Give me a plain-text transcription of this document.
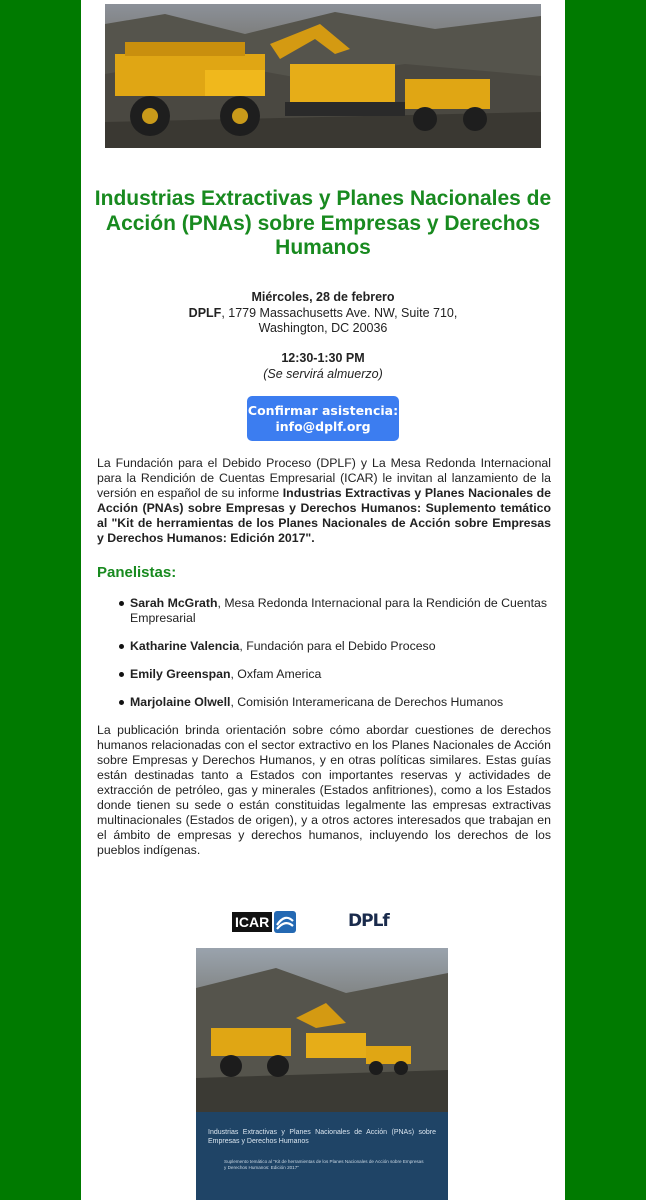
Industrias Extractivas y Planes Nacionales de Acción (PNAs) sobre Empresas y Derechos Humanos
Miércoles, 28 de febrero
DPLF, 1779 Massachusetts Ave. NW, Suite 710,
Washington, DC 20036
12:30-1:30 PM
(Se servirá almuerzo)
Confirmar asistencia:
info@dplf.org
La Fundación para el Debido Proceso (DPLF) y La Mesa Redonda Internacional para la Rendición de Cuentas Empresarial (ICAR) le invitan al lanzamiento de la versión en español de su informe Industrias Extractivas y Planes Nacionales de Acción (PNAs) sobre Empresas y Derechos Humanos: Suplemento temático al "Kit de herramientas de los Planes Nacionales de Acción sobre Empresas y Derechos Humanos: Edición 2017".
Panelistas:
Sarah McGrath, Mesa Redonda Internacional para la Rendición de Cuentas Empresarial
Katharine Valencia, Fundación para el Debido Proceso
Emily Greenspan, Oxfam America
Marjolaine Olwell, Comisión Interamericana de Derechos Humanos
La publicación brinda orientación sobre cómo abordar cuestiones de derechos humanos relacionadas con el sector extractivo en los Planes Nacionales de Acción sobre Empresas y Derechos Humanos, y en otras políticas similares. Estas guías están destinadas tanto a Estados con importantes reservas y actividades de extracción de petróleo, gas y minerales (Estados anfitriones), como a los Estados donde tienen su sede o están constituidas legalmente las empresas extractivas multinacionales (Estados de origen), y a otros actores interesados que trabajan en el ámbito de empresas y derechos humanos, incluyendo los derechos de los pueblos indígenas.
ICAR	DPLf
Industrias Extractivas y Planes Nacionales de Acción (PNAs) sobre Empresas y Derechos Humanos
Suplemento temático al "Kit de herramientas de los Planes Nacionales de Acción sobre Empresas y Derechos Humanos: Edición 2017"
